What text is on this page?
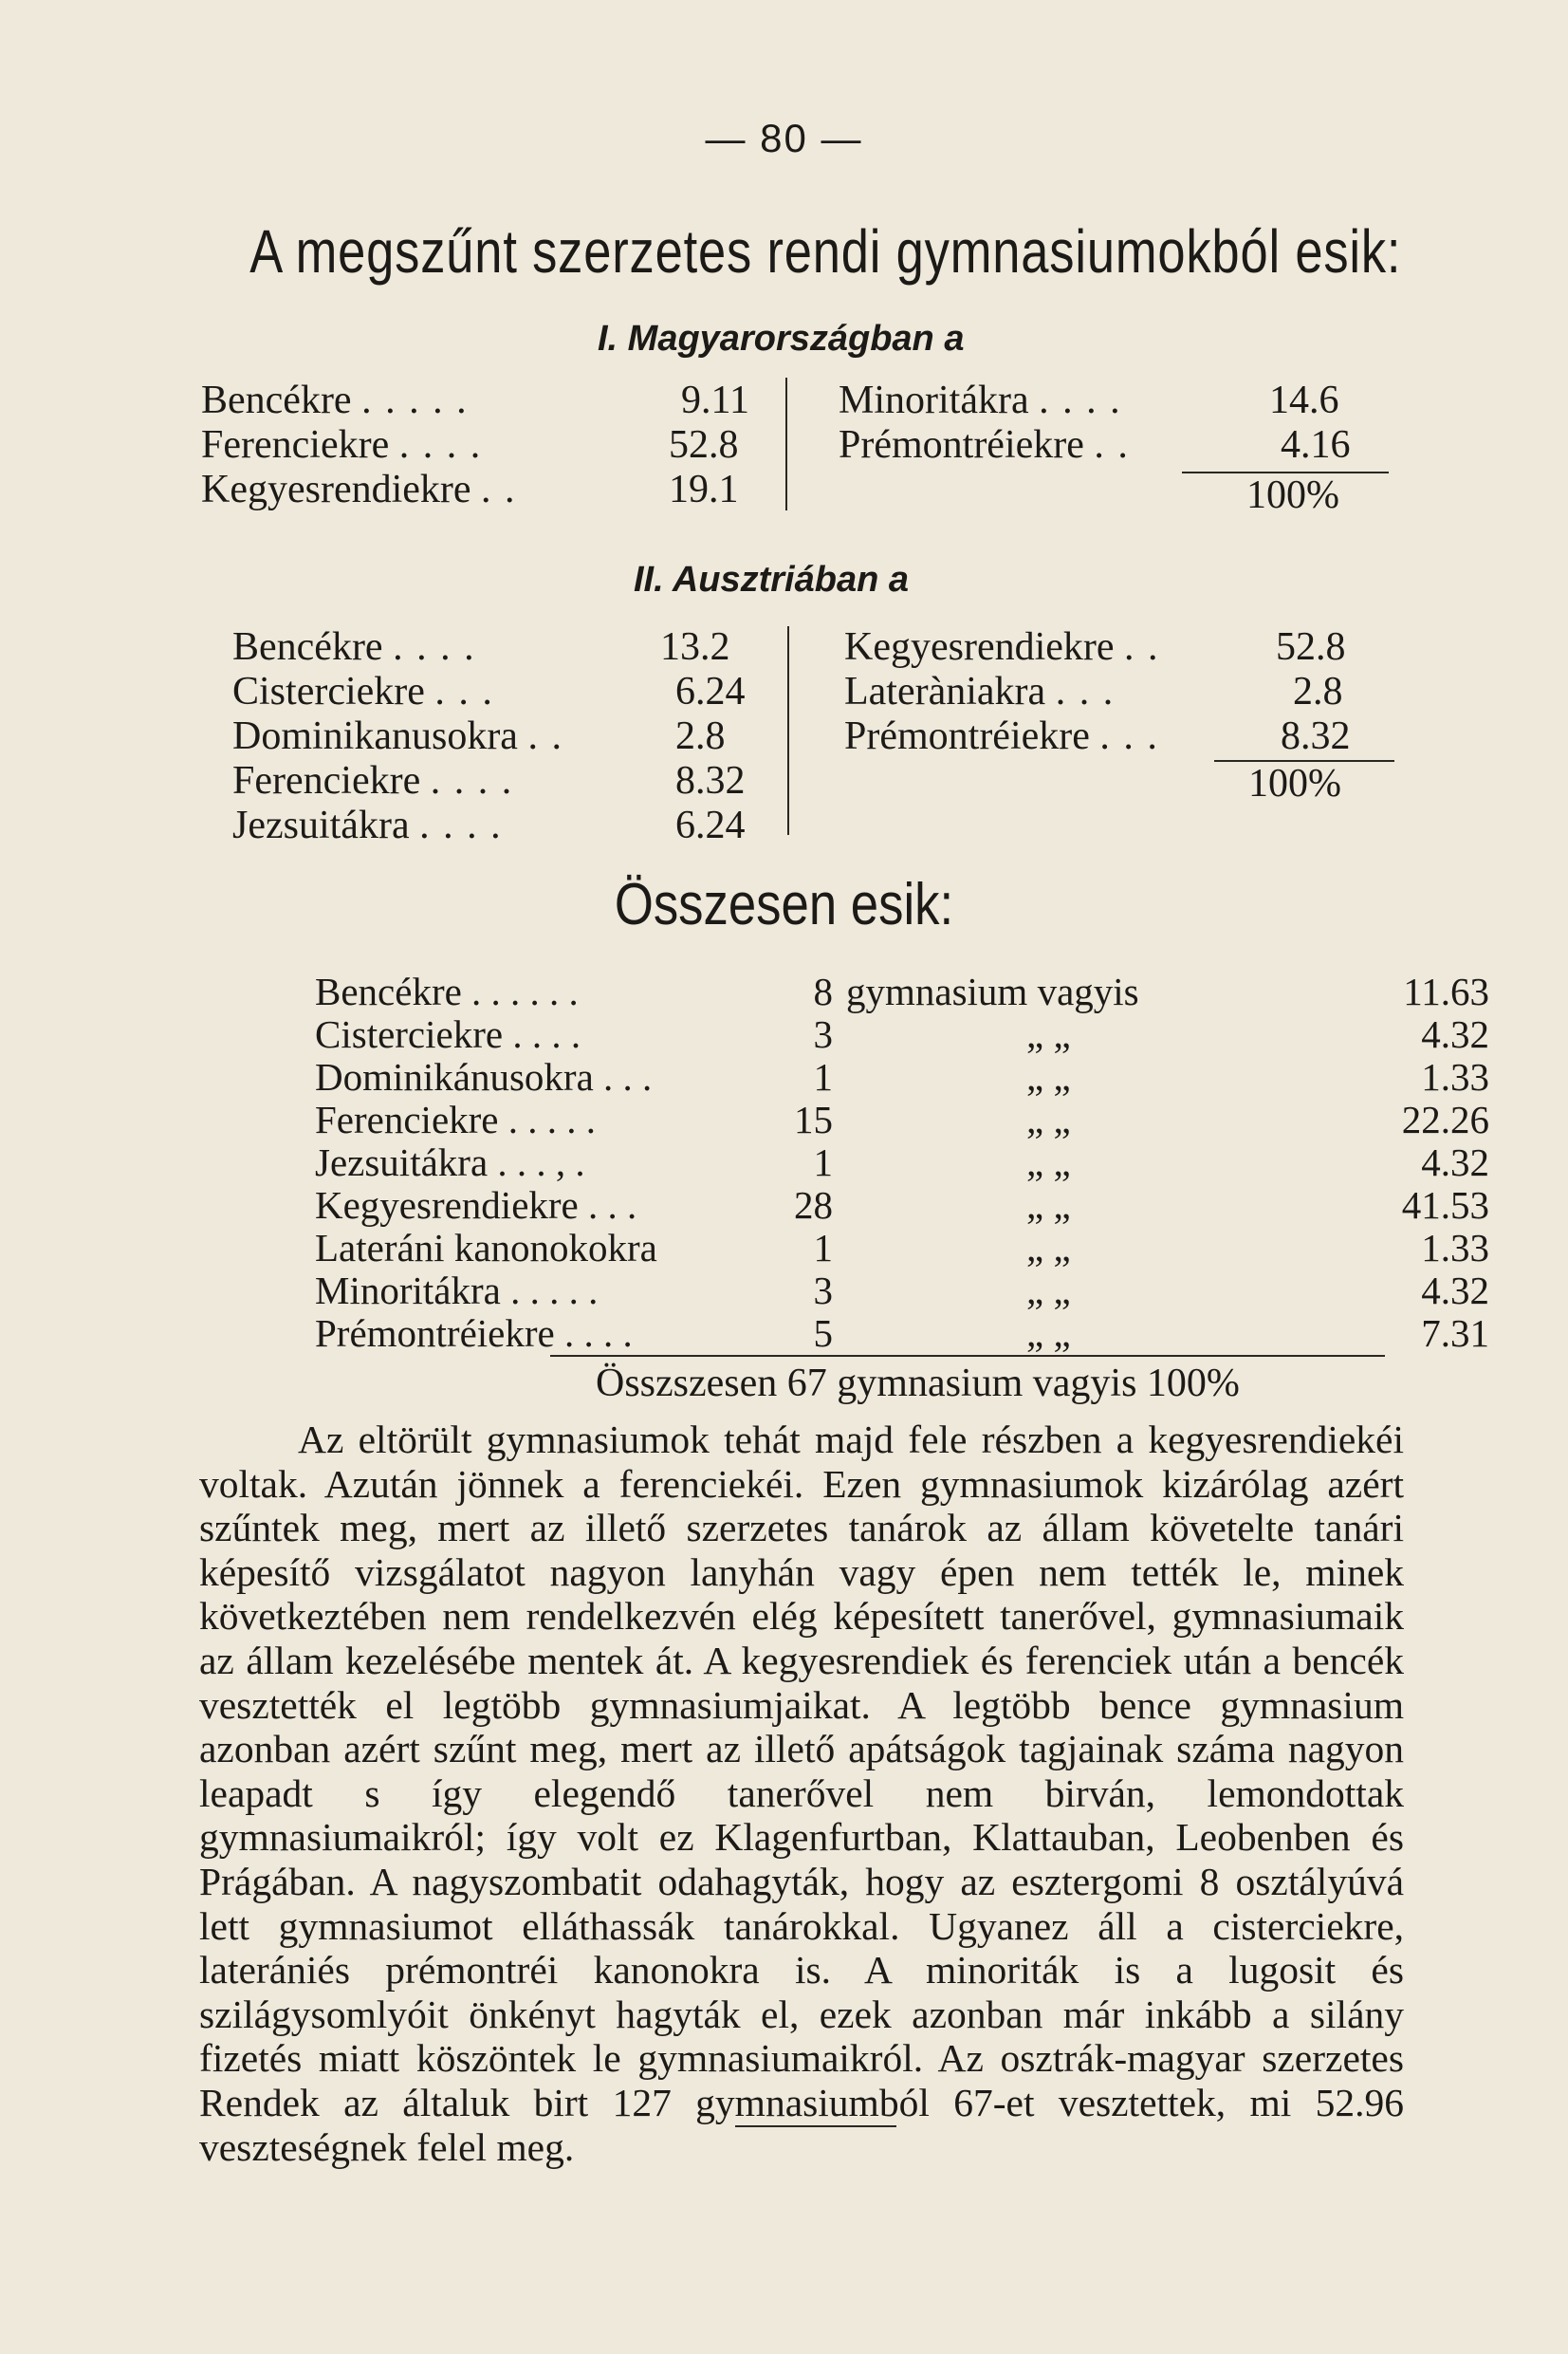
— 80 —
A megszűnt szerzetes rendi gymnasiumokból esik:
I. Magyarországban a
Bencékre . . . . .	9.11
Ferenciekre . . . .	52.8
Kegyesrendiekre . .	19.1
Minoritákra . . . .	14.6
Prémontréiekre . .	4.16
100%
II. Ausztriában a
Bencékre . . . .	13.2
Cisterciekre . . .	6.24
Dominikanusokra . .	2.8
Ferenciekre . . . .	8.32
Jezsuitákra . . . .	6.24
Kegyesrendiekre . .	52.8
Lateràniakra . . .	2.8
Prémontréiekre . . .	8.32
100%
Összesen esik:
Bencékre . . . . . .	8	gymnasium vagyis	11.63
Cisterciekre . . . .	3	„ „	4.32
Dominikánusokra . . .	1	„ „	1.33
Ferenciekre . . . . .	15	„ „	22.26
Jezsuitákra . . . , .	1	„ „	4.32
Kegyesrendiekre . . .	28	„ „	41.53
Lateráni kanonokokra	1	„ „	1.33
Minoritákra . . . . .	3	„ „	4.32
Prémontréiekre . . . .	5	„ „	7.31
Összszesen 67 gymnasium vagyis 100%

Az eltörült gymnasiumok tehát majd fele részben a kegyesrendiekéi voltak. Azután jönnek a ferenciekéi. Ezen gymnasiumok kizárólag azért szűntek meg, mert az illető szerzetes tanárok az állam követelte tanári képesítő vizsgálatot nagyon lanyhán vagy épen nem tették le, minek következtében nem rendelkezvén elég képesített tanerővel, gymnasiumaik az állam kezelésébe mentek át. A kegyesrendiek és ferenciek után a bencék vesztették el legtöbb gymnasiumjaikat. A legtöbb bence gymnasium azonban azért szűnt meg, mert az illető apátságok tagjainak száma nagyon leapadt s így elegendő tanerővel nem birván, lemondottak gymnasiumaikról; így volt ez Klagenfurtban, Klattauban, Leobenben és Prágában. A nagyszombatit odahagyták, hogy az esztergomi 8 osztályúvá lett gymnasiumot elláthassák tanárokkal. Ugyanez áll a cisterciekre, laterániés prémontréi kanonokra is. A minoriták is a lugosit és szilágysomlyóit önkényt hagyták el, ezek azonban már inkább a silány fizetés miatt köszöntek le gymnasiumaikról. Az osztrák-magyar szerzetes Rendek az általuk birt 127 gymnasiumból 67-et vesztettek, mi 52.96 veszteségnek felel meg.
